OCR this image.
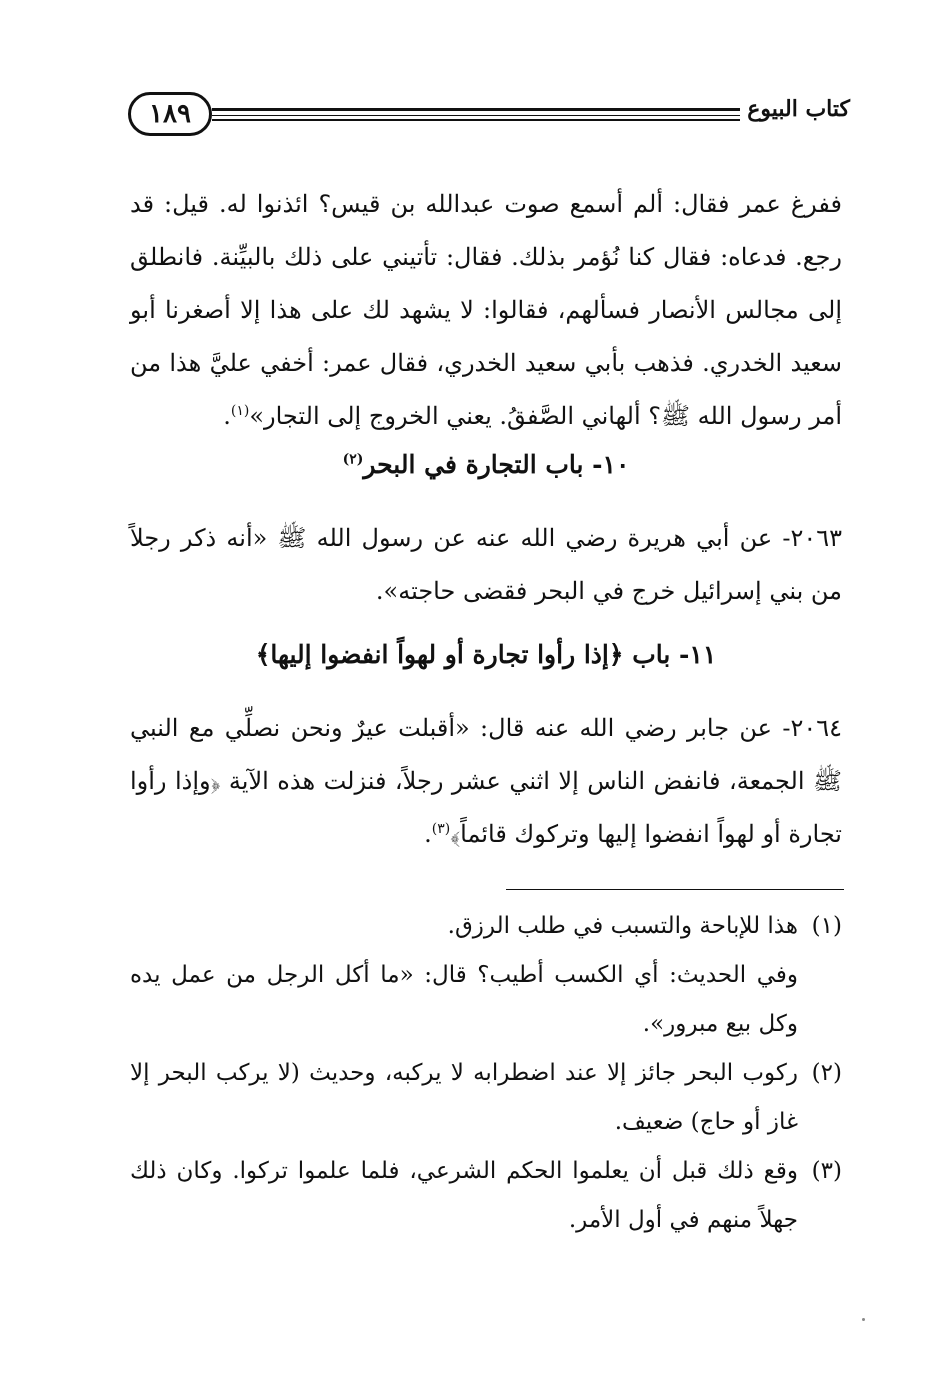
١٨٩	كتاب البيوع
ففرغ عمر فقال: ألم أسمع صوت عبدالله بن قيس؟ ائذنوا له. قيل: قد رجع. فدعاه: فقال كنا نُؤمر بذلك. فقال: تأتيني على ذلك بالبيِّنة. فانطلق إلى مجالس الأنصار فسألهم، فقالوا: لا يشهد لك على هذا إلا أصغرنا أبو سعيد الخدري. فذهب بأبي سعيد الخدري، فقال عمر: أخفي عليَّ هذا من أمر رسول الله ﷺ؟ ألهاني الصَّفقُ. يعني الخروج إلى التجار»$^{(١)}$.
١٠- باب التجارة في البحر$^{(٢)}$
٢٠٦٣- عن أبي هريرة رضي الله عنه عن رسول الله ﷺ «أنه ذكر رجلاً من بني إسرائيل خرج في البحر فقضى حاجته».
١١- باب ﴿إذا رأوا تجارة أو لهواً انفضوا إليها﴾
٢٠٦٤- عن جابر رضي الله عنه قال: «أقبلت عيرٌ ونحن نصلِّي مع النبي ﷺ الجمعة، فانفض الناس إلا اثني عشر رجلاً، فنزلت هذه الآية ﴿وإذا رأوا تجارة أو لهواً انفضوا إليها وتركوك قائماً﴾$^{(٣)}$.
(١)
هذا للإباحة والتسبب في طلب الرزق.
وفي الحديث: أي الكسب أطيب؟ قال: «ما أكل الرجل من عمل يده وكل بيع مبرور».
(٢)
ركوب البحر جائز إلا عند اضطرابه لا يركبه، وحديث (لا يركب البحر إلا غاز أو حاج) ضعيف.
(٣)
وقع ذلك قبل أن يعلموا الحكم الشرعي، فلما علموا تركوا. وكان ذلك جهلاً منهم في أول الأمر.
